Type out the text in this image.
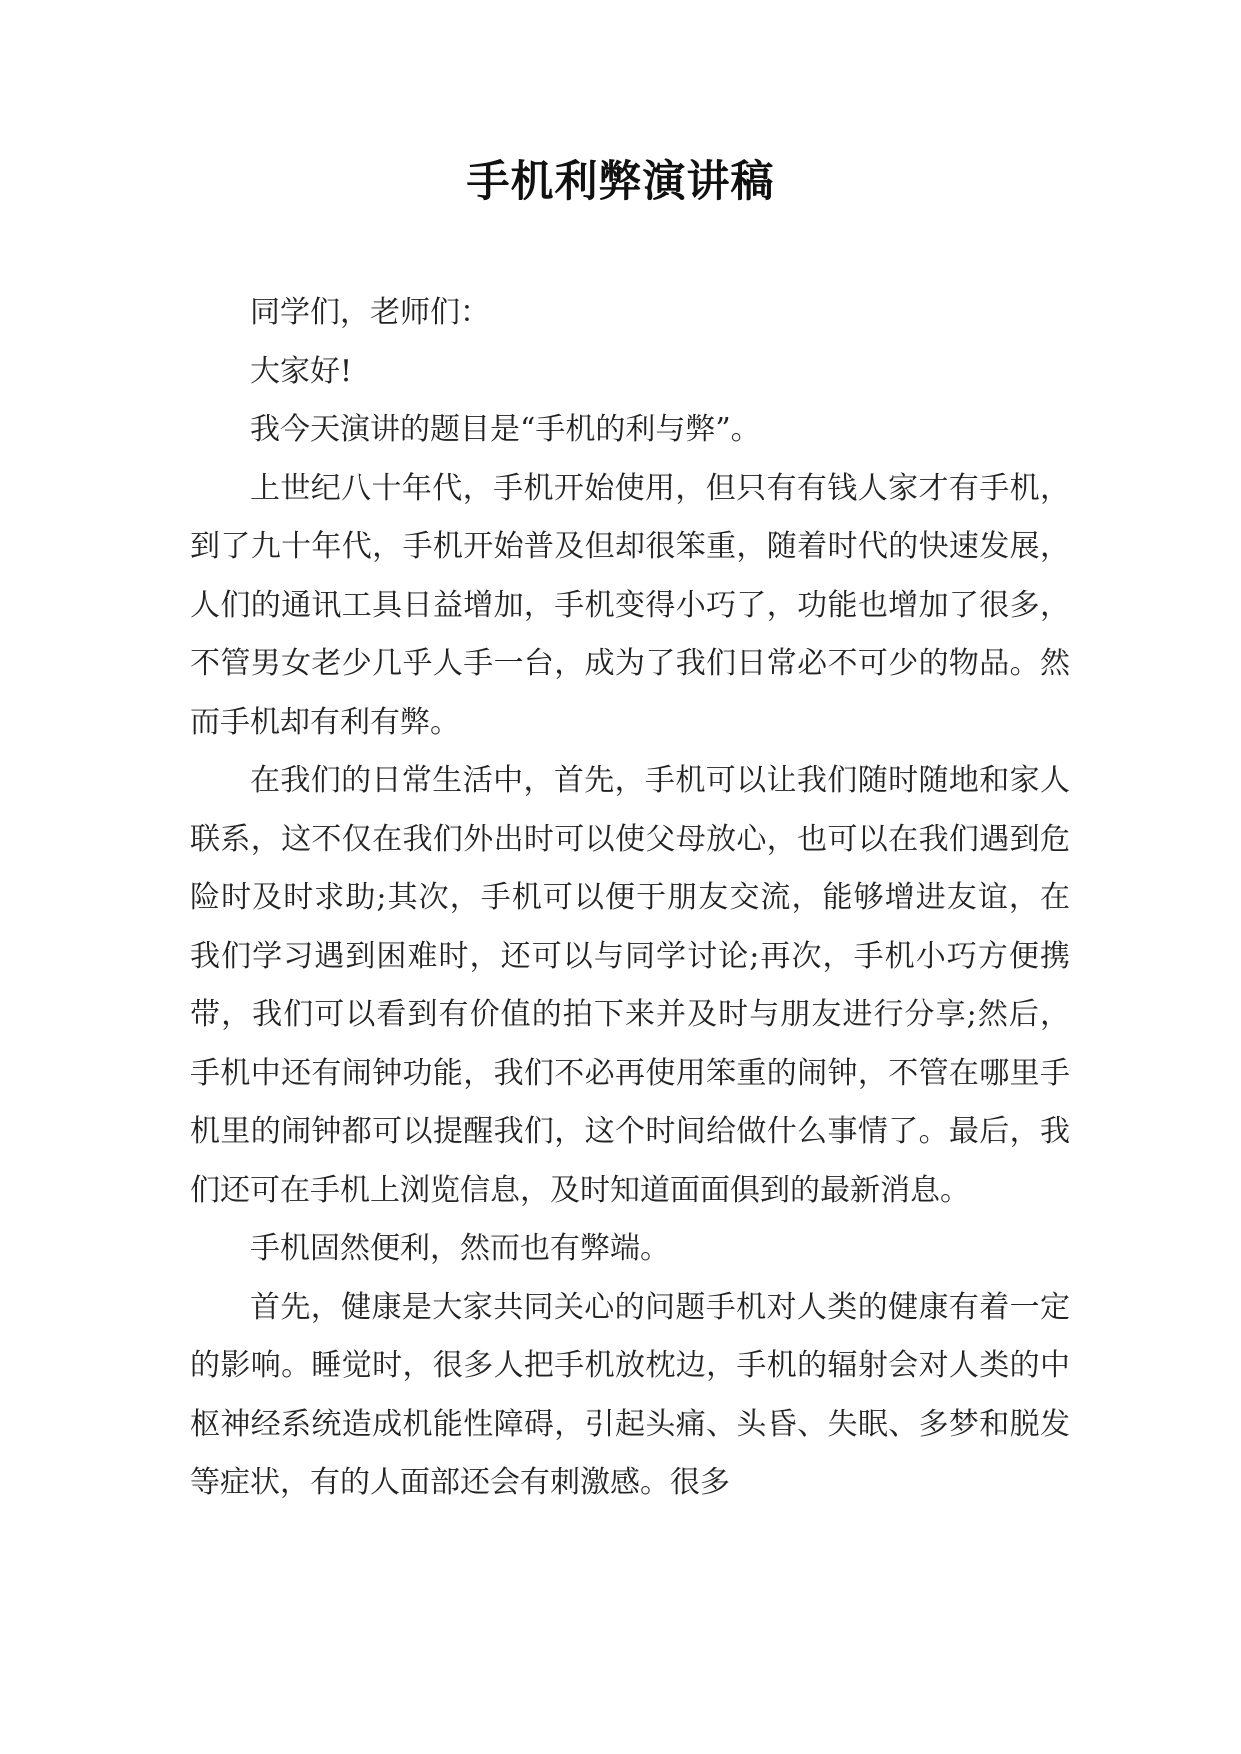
手机利弊演讲稿

同学们，老师们：

大家好!

我今天演讲的题目是“手机的利与弊”。

上世纪八十年代，手机开始使用，但只有有钱人家才有手机，到了九十年代，手机开始普及但却很笨重，随着时代的快速发展，人们的通讯工具日益增加，手机变得小巧了，功能也增加了很多，不管男女老少几乎人手一台，成为了我们日常必不可少的物品。然而手机却有利有弊。

在我们的日常生活中，首先，手机可以让我们随时随地和家人联系，这不仅在我们外出时可以使父母放心，也可以在我们遇到危险时及时求助;其次，手机可以便于朋友交流，能够增进友谊，在我们学习遇到困难时，还可以与同学讨论;再次，手机小巧方便携带，我们可以看到有价值的拍下来并及时与朋友进行分享;然后，手机中还有闹钟功能，我们不必再使用笨重的闹钟，不管在哪里手机里的闹钟都可以提醒我们，这个时间给做什么事情了。最后，我们还可在手机上浏览信息，及时知道面面俱到的最新消息。

手机固然便利，然而也有弊端。

首先，健康是大家共同关心的问题手机对人类的健康有着一定的影响。睡觉时，很多人把手机放枕边，手机的辐射会对人类的中枢神经系统造成机能性障碍，引起头痛、头昏、失眠、多梦和脱发等症状，有的人面部还会有刺激感。很多
